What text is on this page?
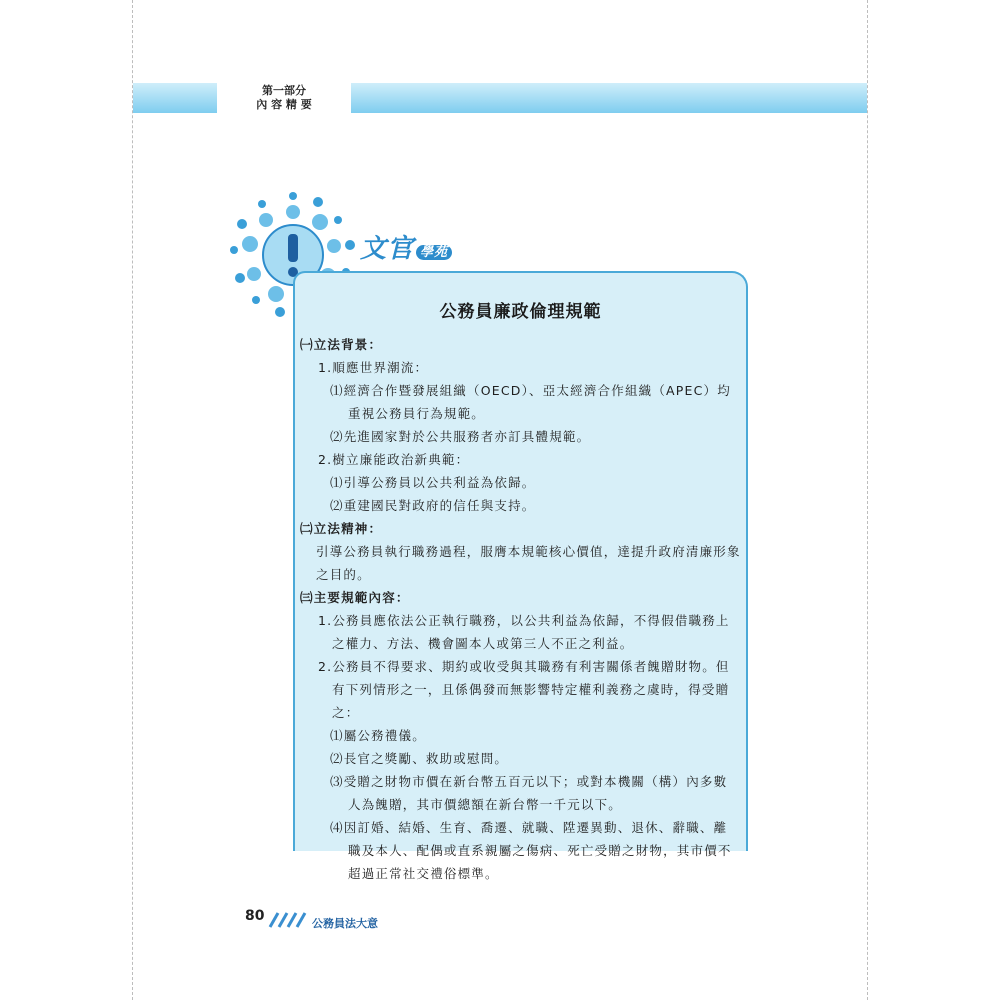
第一部分
內 容 精 要
文官 學苑
公務員廉政倫理規範
㈠立法背景：
1.順應世界潮流：
⑴經濟合作暨發展組織（OECD）、亞太經濟合作組織（APEC）均
重視公務員行為規範。
⑵先進國家對於公共服務者亦訂具體規範。
2.樹立廉能政治新典範：
⑴引導公務員以公共利益為依歸。
⑵重建國民對政府的信任與支持。
㈡立法精神：
引導公務員執行職務過程，服膺本規範核心價值，達提升政府清廉形象
之目的。
㈢主要規範內容：
1.公務員應依法公正執行職務，以公共利益為依歸，不得假借職務上
之權力、方法、機會圖本人或第三人不正之利益。
2.公務員不得要求、期約或收受與其職務有利害關係者餽贈財物。但
有下列情形之一，且係偶發而無影響特定權利義務之虞時，得受贈
之：
⑴屬公務禮儀。
⑵長官之獎勵、救助或慰問。
⑶受贈之財物市價在新台幣五百元以下；或對本機關（構）內多數
人為餽贈，其市價總額在新台幣一千元以下。
⑷因訂婚、結婚、生育、喬遷、就職、陞遷異動、退休、辭職、離
職及本人、配偶或直系親屬之傷病、死亡受贈之財物，其市價不
超過正常社交禮俗標準。
80	公務員法大意
